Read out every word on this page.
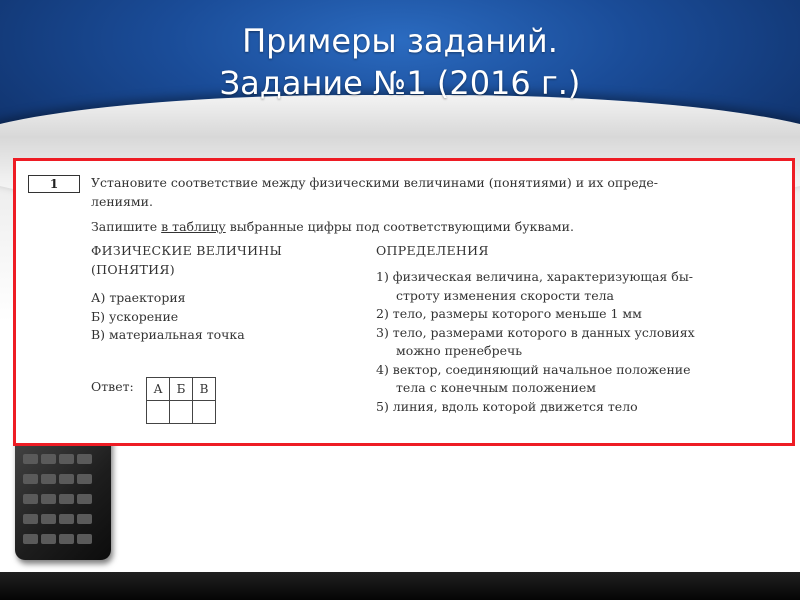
Примеры заданий.
Задание №1 (2016 г.)

1	Установите соответствие между физическими величинами (понятиями) и их опреде-
лениями.
Запишите в таблицу выбранные цифры под соответствующими буквами.
ФИЗИЧЕСКИЕ ВЕЛИЧИНЫ
(ПОНЯТИЯ)
ОПРЕДЕЛЕНИЯ
А) траектория
Б) ускорение
В) материальная точка
1) физическая величина, характеризующая бы-
строту изменения скорости тела
2) тело, размеры которого меньше 1 мм
3) тело, размерами которого в данных условиях
можно пренебречь
4) вектор, соединяющий начальное положение
тела с конечным положением
5) линия, вдоль которой движется тело
Ответ: А	Б	В
